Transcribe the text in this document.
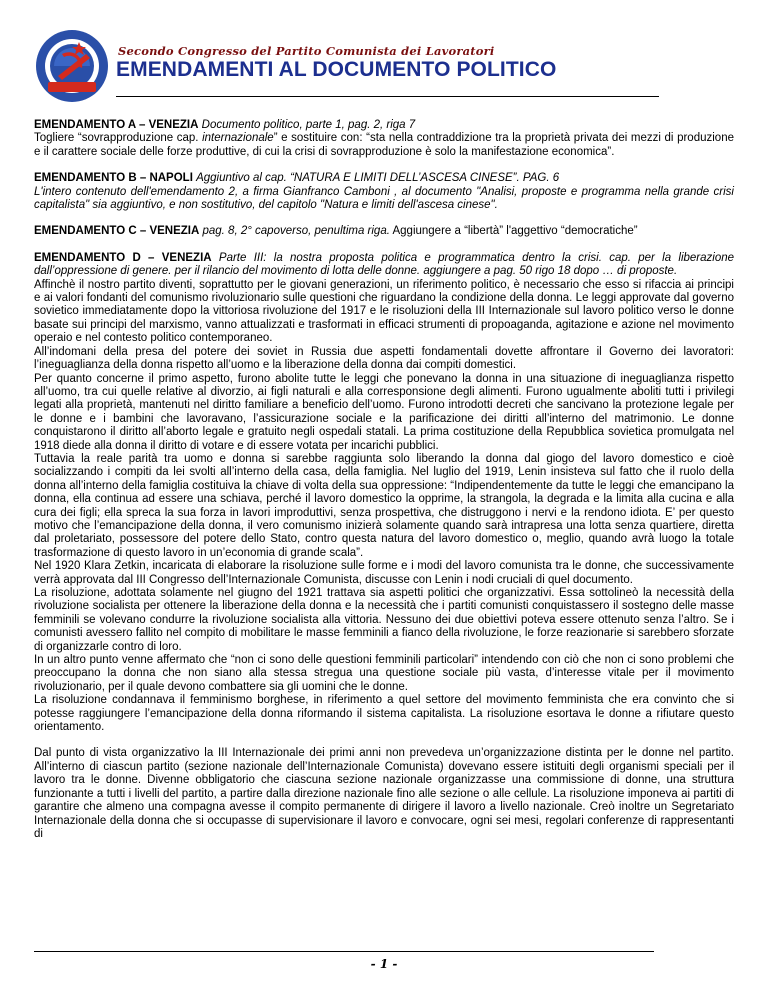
Secondo Congresso del Partito Comunista dei Lavoratori
EMENDAMENTI AL DOCUMENTO POLITICO

EMENDAMENTO A – VENEZIA Documento politico, parte 1, pag. 2, riga 7
Togliere “sovrapproduzione cap. internazionale” e sostituire con: “sta nella contraddizione tra la proprietà privata dei mezzi di produzione e il carattere sociale delle forze produttive, di cui la crisi di sovrapproduzione è solo la manifestazione economica”.

EMENDAMENTO B – NAPOLI Aggiuntivo al cap. “NATURA E LIMITI DELL’ASCESA CINESE”. PAG. 6
L'intero contenuto dell'emendamento 2, a firma Gianfranco Camboni , al documento "Analisi, proposte e programma nella grande crisi capitalista" sia aggiuntivo, e non sostitutivo, del capitolo "Natura e limiti dell'ascesa cinese".

EMENDAMENTO C – VENEZIA pag. 8, 2° capoverso, penultima riga. Aggiungere a “libertà” l'aggettivo “democratiche”

EMENDAMENTO D – VENEZIA Parte III: la nostra proposta politica e programmatica dentro la crisi. cap. per la liberazione dall’oppressione di genere. per il rilancio del movimento di lotta delle donne. aggiungere a pag. 50 rigo 18 dopo … di proposte.

Affinchè il nostro partito diventi, soprattutto per le giovani generazioni, un riferimento politico, è necessario che esso si rifaccia ai principi e ai valori fondanti del comunismo rivoluzionario sulle questioni che riguardano la condizione della donna. Le leggi approvate dal governo sovietico immediatamente dopo la vittoriosa rivoluzione del 1917 e le risoluzioni della III Internazionale sul lavoro politico verso le donne basate sui principi del marxismo, vanno attualizzati e trasformati in efficaci strumenti di propoaganda, agitazione e azione nel movimento operaio e nel contesto politico contemporaneo.

All’indomani della presa del potere dei soviet in Russia due aspetti fondamentali dovette affrontare il Governo dei lavoratori: l’ineguaglianza della donna rispetto all’uomo e la liberazione della donna dai compiti domestici.

Per quanto concerne il primo aspetto, furono abolite tutte le leggi che ponevano la donna in una situazione di ineguaglianza rispetto all’uomo, tra cui quelle relative al divorzio, ai figli naturali e alla corresponsione degli alimenti. Furono ugualmente aboliti tutti i privilegi legati alla proprietà, mantenuti nel diritto familiare a beneficio dell’uomo. Furono introdotti decreti che sancivano la protezione legale per le donne e i bambini che lavoravano, l’assicurazione sociale e la parificazione dei diritti all’interno del matrimonio. Le donne conquistarono il diritto all’aborto legale e gratuito negli ospedali statali. La prima costituzione della Repubblica sovietica promulgata nel 1918 diede alla donna il diritto di votare e di essere votata per incarichi pubblici.

Tuttavia la reale parità tra uomo e donna si sarebbe raggiunta solo liberando la donna dal giogo del lavoro domestico e cioè socializzando i compiti da lei svolti all’interno della casa, della famiglia. Nel luglio del 1919, Lenin insisteva sul fatto che il ruolo della donna all’interno della famiglia costituiva la chiave di volta della sua oppressione: “Indipendentemente da tutte le leggi che emancipano la donna, ella continua ad essere una schiava, perché il lavoro domestico la opprime, la strangola, la degrada e la limita alla cucina e alla cura dei figli; ella spreca la sua forza in lavori improduttivi, senza prospettiva, che distruggono i nervi e la rendono idiota. E’ per questo motivo che l’emancipazione della donna, il vero comunismo inizierà solamente quando sarà intrapresa una lotta senza quartiere, diretta dal proletariato, possessore del potere dello Stato, contro questa natura del lavoro domestico o, meglio, quando avrà luogo la totale trasformazione di questo lavoro in un’economia di grande scala”.

Nel 1920 Klara Zetkin, incaricata di elaborare la risoluzione sulle forme e i modi del lavoro comunista tra le donne, che successivamente verrà approvata dal III Congresso dell’Internazionale Comunista, discusse con Lenin i nodi cruciali di quel documento.

La risoluzione, adottata solamente nel giugno del 1921 trattava sia aspetti politici che organizzativi. Essa sottolineò la necessità della rivoluzione socialista per ottenere la liberazione della donna e la necessità che i partiti comunisti conquistassero il sostegno delle masse femminili se volevano condurre la rivoluzione socialista alla vittoria. Nessuno dei due obiettivi poteva essere ottenuto senza l’altro. Se i comunisti avessero fallito nel compito di mobilitare le masse femminili a fianco della rivoluzione, le forze reazionarie si sarebbero sforzate di organizzarle contro di loro.

In un altro punto venne affermato che “non ci sono delle questioni femminili particolari” intendendo con ciò che non ci sono problemi che preoccupano la donna che non siano alla stessa stregua una questione sociale più vasta, d’interesse vitale per il movimento rivoluzionario, per il quale devono combattere sia gli uomini che le donne.

La risoluzione condannava il femminismo borghese, in riferimento a quel settore del movimento femminista che era convinto che si potesse raggiungere l’emancipazione della donna riformando il sistema capitalista. La risoluzione esortava le donne a rifiutare questo orientamento.

Dal punto di vista organizzativo la III Internazionale dei primi anni non prevedeva un’organizzazione distinta per le donne nel partito. All’interno di ciascun partito (sezione nazionale dell’Internazionale Comunista) dovevano essere istituiti degli organismi speciali per il lavoro tra le donne. Divenne obbligatorio che ciascuna sezione nazionale organizzasse una commissione di donne, una struttura funzionante a tutti i livelli del partito, a partire dalla direzione nazionale fino alle sezione o alle cellule. La risoluzione imponeva ai partiti di garantire che almeno una compagna avesse il compito permanente di dirigere il lavoro a livello nazionale. Creò inoltre un Segretariato Internazionale della donna che si occupasse di supervisionare il lavoro e convocare, ogni sei mesi, regolari conferenze di rappresentanti di

- 1 -
